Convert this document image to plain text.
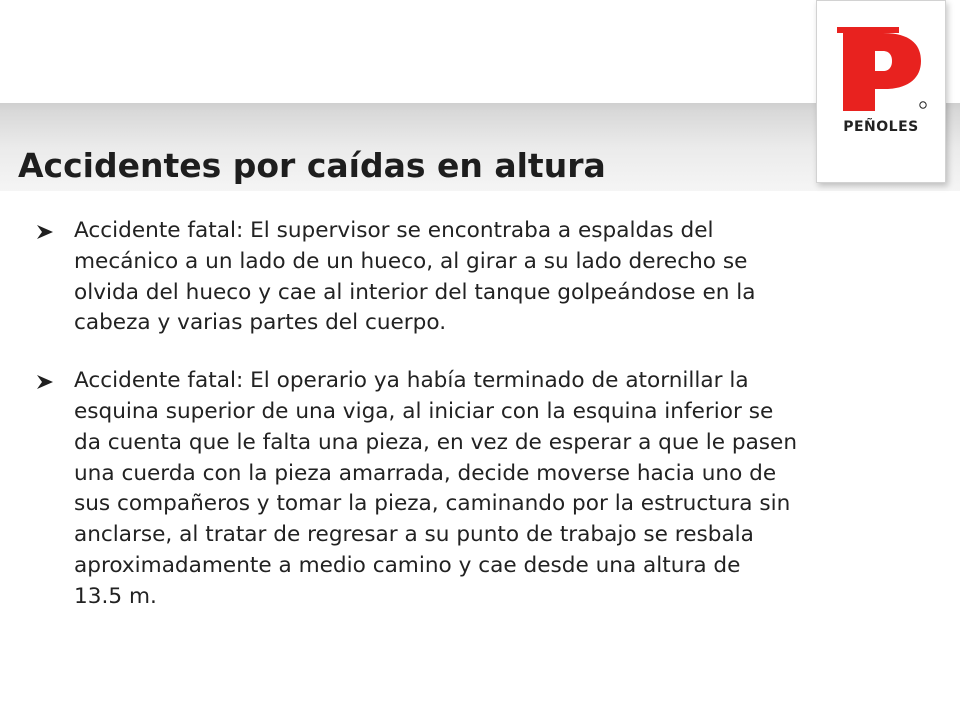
Accidentes por caídas en altura
PEÑOLES
Accidente fatal: El supervisor se encontraba a espaldas del
mecánico a un lado de un hueco, al girar a su lado derecho se
olvida del hueco y cae al interior del tanque golpeándose en la
cabeza y varias partes del cuerpo.
Accidente fatal: El operario ya había terminado de atornillar la
esquina superior de una viga, al iniciar con la esquina inferior se
da cuenta que le falta una pieza, en vez de esperar a que le pasen
una cuerda con la pieza amarrada, decide moverse hacia uno de
sus compañeros y tomar la pieza, caminando por la estructura sin
anclarse, al tratar de regresar a su punto de trabajo se resbala
aproximadamente a medio camino y cae desde una altura de
13.5 m.
